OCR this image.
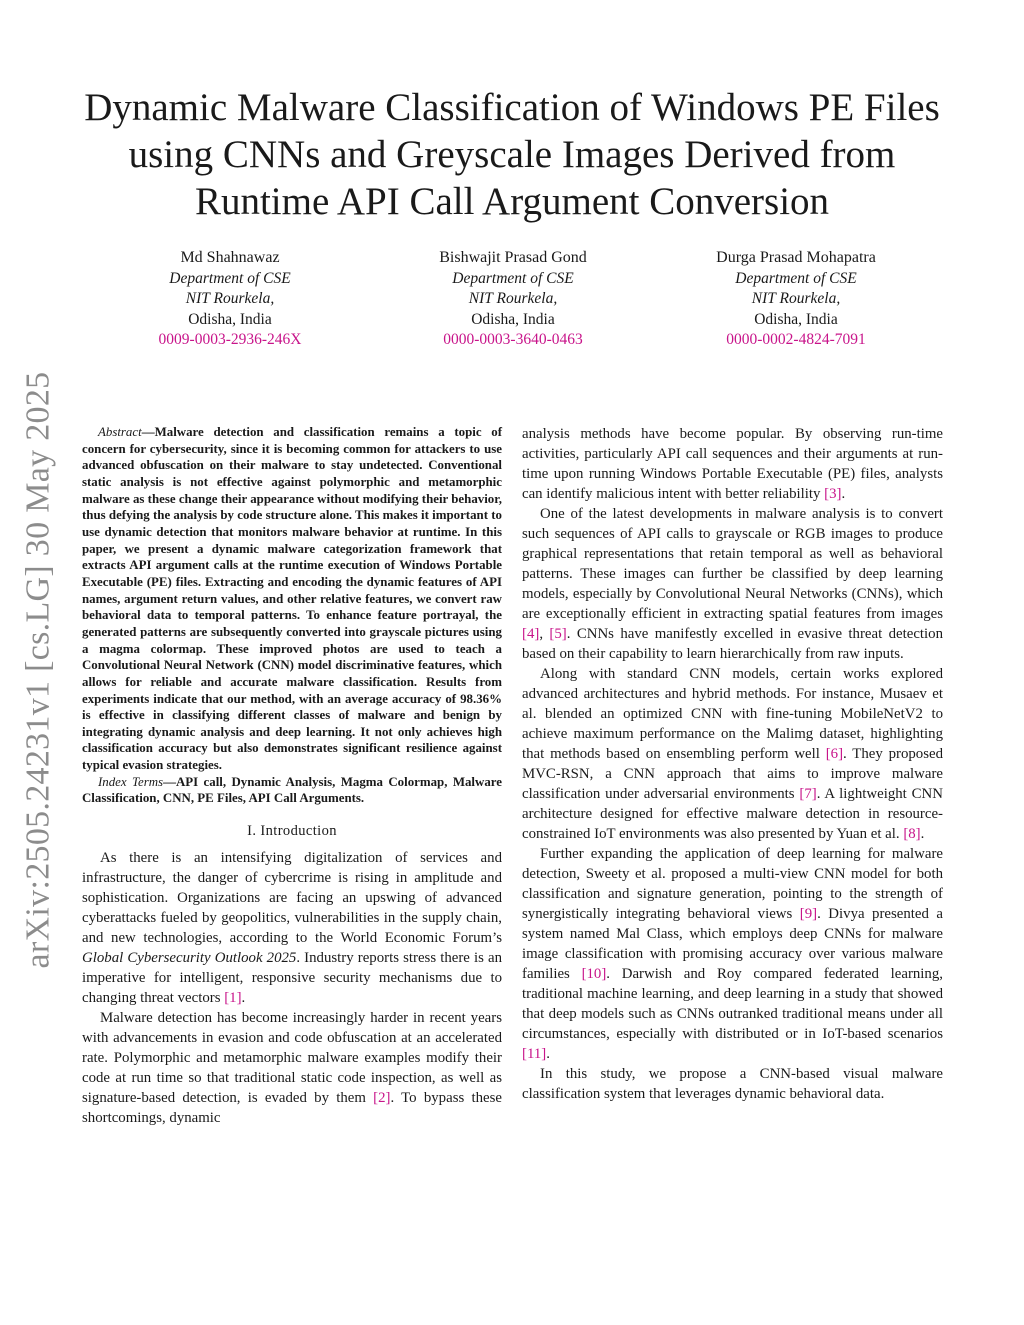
arXiv:2505.24231v1 [cs.LG] 30 May 2025
Dynamic Malware Classification of Windows PE Files using CNNs and Greyscale Images Derived from Runtime API Call Argument Conversion
Md Shahnawaz
Department of CSE
NIT Rourkela,
Odisha, India
0009-0003-2936-246X
Bishwajit Prasad Gond
Department of CSE
NIT Rourkela,
Odisha, India
0000-0003-3640-0463
Durga Prasad Mohapatra
Department of CSE
NIT Rourkela,
Odisha, India
0000-0002-4824-7091

Abstract—Malware detection and classification remains a topic of concern for cybersecurity, since it is becoming common for attackers to use advanced obfuscation on their malware to stay undetected. Conventional static analysis is not effective against polymorphic and metamorphic malware as these change their appearance without modifying their behavior, thus defying the analysis by code structure alone. This makes it important to use dynamic detection that monitors malware behavior at runtime. In this paper, we present a dynamic malware categorization framework that extracts API argument calls at the runtime execution of Windows Portable Executable (PE) files. Extracting and encoding the dynamic features of API names, argument return values, and other relative features, we convert raw behavioral data to temporal patterns. To enhance feature portrayal, the generated patterns are subsequently converted into grayscale pictures using a magma colormap. These improved photos are used to teach a Convolutional Neural Network (CNN) model discriminative features, which allows for reliable and accurate malware classification. Results from experiments indicate that our method, with an average accuracy of 98.36% is effective in classifying different classes of malware and benign by integrating dynamic analysis and deep learning. It not only achieves high classification accuracy but also demonstrates significant resilience against typical evasion strategies.

Index Terms—API call, Dynamic Analysis, Magma Colormap, Malware Classification, CNN, PE Files, API Call Arguments.

I. Introduction

As there is an intensifying digitalization of services and infrastructure, the danger of cybercrime is rising in amplitude and sophistication. Organizations are facing an upswing of advanced cyberattacks fueled by geopolitics, vulnerabilities in the supply chain, and new technologies, according to the World Economic Forum’s Global Cybersecurity Outlook 2025. Industry reports stress there is an imperative for intelligent, responsive security mechanisms due to changing threat vectors [1].

Malware detection has become increasingly harder in recent years with advancements in evasion and code obfuscation at an accelerated rate. Polymorphic and metamorphic malware examples modify their code at run time so that traditional static code inspection, as well as signature-based detection, is evaded by them [2]. To bypass these shortcomings, dynamic

analysis methods have become popular. By observing run-time activities, particularly API call sequences and their arguments at run-time upon running Windows Portable Executable (PE) files, analysts can identify malicious intent with better reliability [3].

One of the latest developments in malware analysis is to convert such sequences of API calls to grayscale or RGB images to produce graphical representations that retain temporal as well as behavioral patterns. These images can further be classified by deep learning models, especially by Convolutional Neural Networks (CNNs), which are exceptionally efficient in extracting spatial features from images [4], [5]. CNNs have manifestly excelled in evasive threat detection based on their capability to learn hierarchically from raw inputs.

Along with standard CNN models, certain works explored advanced architectures and hybrid methods. For instance, Musaev et al. blended an optimized CNN with fine-tuning MobileNetV2 to achieve maximum performance on the Malimg dataset, highlighting that methods based on ensembling perform well [6]. They proposed MVC-RSN, a CNN approach that aims to improve malware classification under adversarial environments [7]. A lightweight CNN architecture designed for effective malware detection in resource-constrained IoT environments was also presented by Yuan et al. [8].

Further expanding the application of deep learning for malware detection, Sweety et al. proposed a multi-view CNN model for both classification and signature generation, pointing to the strength of synergistically integrating behavioral views [9]. Divya presented a system named Mal Class, which employs deep CNNs for malware image classification with promising accuracy over various malware families [10]. Darwish and Roy compared federated learning, traditional machine learning, and deep learning in a study that showed that deep models such as CNNs outranked traditional means under all circumstances, especially with distributed or in IoT-based scenarios [11].

In this study, we propose a CNN-based visual malware classification system that leverages dynamic behavioral data.
